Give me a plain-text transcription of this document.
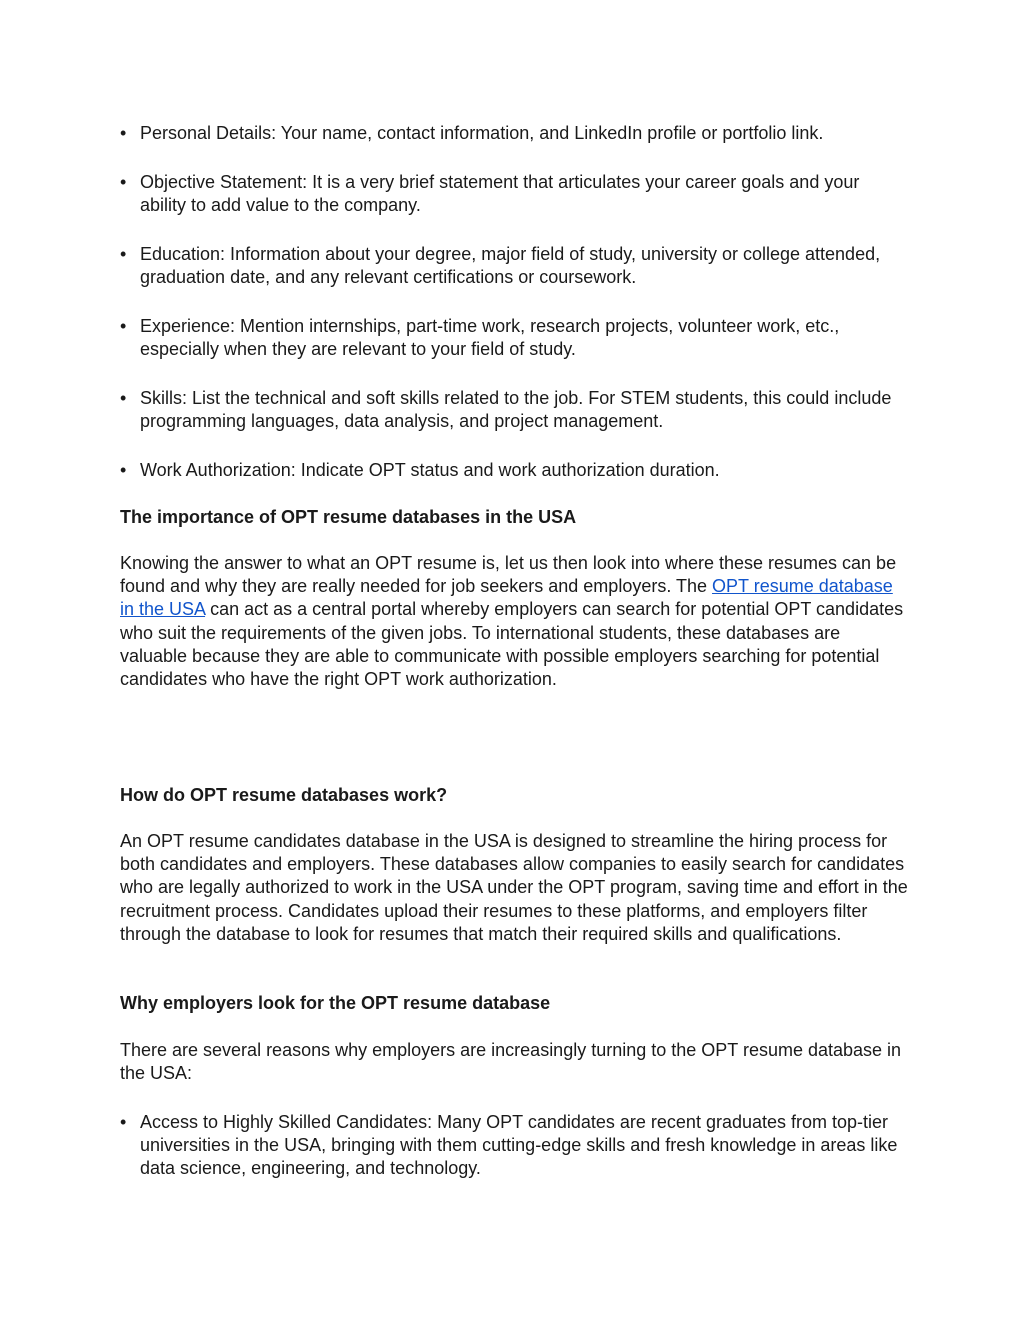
•
Personal Details: Your name, contact information, and LinkedIn profile or portfolio link.
•
Objective Statement: It is a very brief statement that articulates your career goals and your ability to add value to the company.
•
Education: Information about your degree, major field of study, university or college attended, graduation date, and any relevant certifications or coursework.
•
Experience: Mention internships, part-time work, research projects, volunteer work, etc., especially when they are relevant to your field of study.
•
Skills: List the technical and soft skills related to the job. For STEM students, this could include programming languages, data analysis, and project management.
•
Work Authorization: Indicate OPT status and work authorization duration.

The importance of OPT resume databases in the USA

Knowing the answer to what an OPT resume is, let us then look into where these resumes can be found and why they are really needed for job seekers and employers. The OPT resume database in the USA can act as a central portal whereby employers can search for potential OPT candidates who suit the requirements of the given jobs. To international students, these databases are valuable because they are able to communicate with possible employers searching for potential candidates who have the right OPT work authorization.

How do OPT resume databases work?

An OPT resume candidates database in the USA is designed to streamline the hiring process for both candidates and employers. These databases allow companies to easily search for candidates who are legally authorized to work in the USA under the OPT program, saving time and effort in the recruitment process. Candidates upload their resumes to these platforms, and employers filter through the database to look for resumes that match their required skills and qualifications.

Why employers look for the OPT resume database

There are several reasons why employers are increasingly turning to the OPT resume database in the USA:

•
Access to Highly Skilled Candidates: Many OPT candidates are recent graduates from top-tier universities in the USA, bringing with them cutting-edge skills and fresh knowledge in areas like data science, engineering, and technology.
